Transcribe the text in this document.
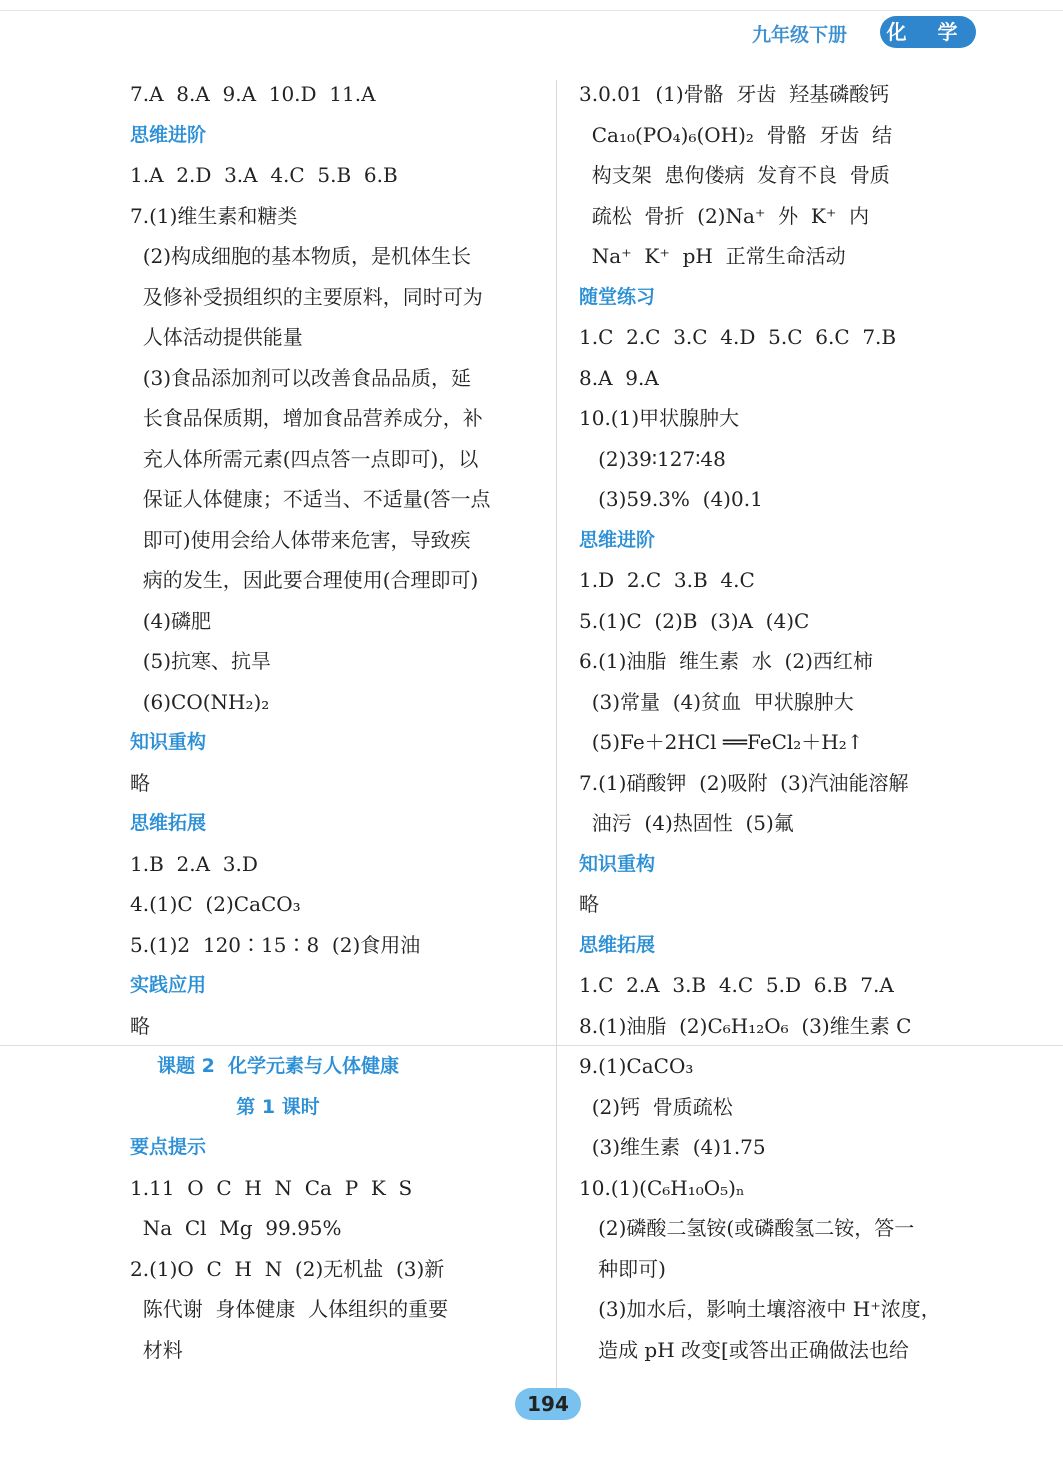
九年级下册	化 学
7.A  8.A  9.A  10.D  11.A
思维进阶
1.A  2.D  3.A  4.C  5.B  6.B
7.(1)维生素和糖类
(2)构成细胞的基本物质，是机体生长
及修补受损组织的主要原料，同时可为
人体活动提供能量
(3)食品添加剂可以改善食品品质，延
长食品保质期，增加食品营养成分，补
充人体所需元素(四点答一点即可)，以
保证人体健康；不适当、不适量(答一点
即可)使用会给人体带来危害，导致疾
病的发生，因此要合理使用(合理即可)
(4)磷肥
(5)抗寒、抗旱
(6)CO(NH₂)₂
知识重构
略
思维拓展
1.B  2.A  3.D
4.(1)C  (2)CaCO₃
5.(1)2  120∶15∶8  (2)食用油
实践应用
略
课题 2  化学元素与人体健康
第 1 课时
要点提示
1.11  O  C  H  N  Ca  P  K  S
Na  Cl  Mg  99.95%
2.(1)O  C  H  N  (2)无机盐  (3)新
陈代谢  身体健康  人体组织的重要
材料
3.0.01  (1)骨骼  牙齿  羟基磷酸钙
Ca₁₀(PO₄)₆(OH)₂  骨骼  牙齿  结
构支架  患佝偻病  发育不良  骨质
疏松  骨折  (2)Na⁺  外  K⁺  内
Na⁺  K⁺  pH  正常生命活动
随堂练习
1.C  2.C  3.C  4.D  5.C  6.C  7.B
8.A  9.A
10.(1)甲状腺肿大
(2)39∶127∶48
(3)59.3%  (4)0.1
思维进阶
1.D  2.C  3.B  4.C
5.(1)C  (2)B  (3)A  (4)C
6.(1)油脂  维生素  水  (2)西红柿
(3)常量  (4)贫血  甲状腺肿大
(5)Fe＋2HCl ══FeCl₂＋H₂↑
7.(1)硝酸钾  (2)吸附  (3)汽油能溶解
油污  (4)热固性  (5)氟
知识重构
略
思维拓展
1.C  2.A  3.B  4.C  5.D  6.B  7.A
8.(1)油脂  (2)C₆H₁₂O₆  (3)维生素 C
9.(1)CaCO₃
(2)钙  骨质疏松
(3)维生素  (4)1.75
10.(1)(C₆H₁₀O₅)ₙ
(2)磷酸二氢铵(或磷酸氢二铵，答一
种即可)
(3)加水后，影响土壤溶液中 H⁺浓度，
造成 pH 改变[或答出正确做法也给
194
